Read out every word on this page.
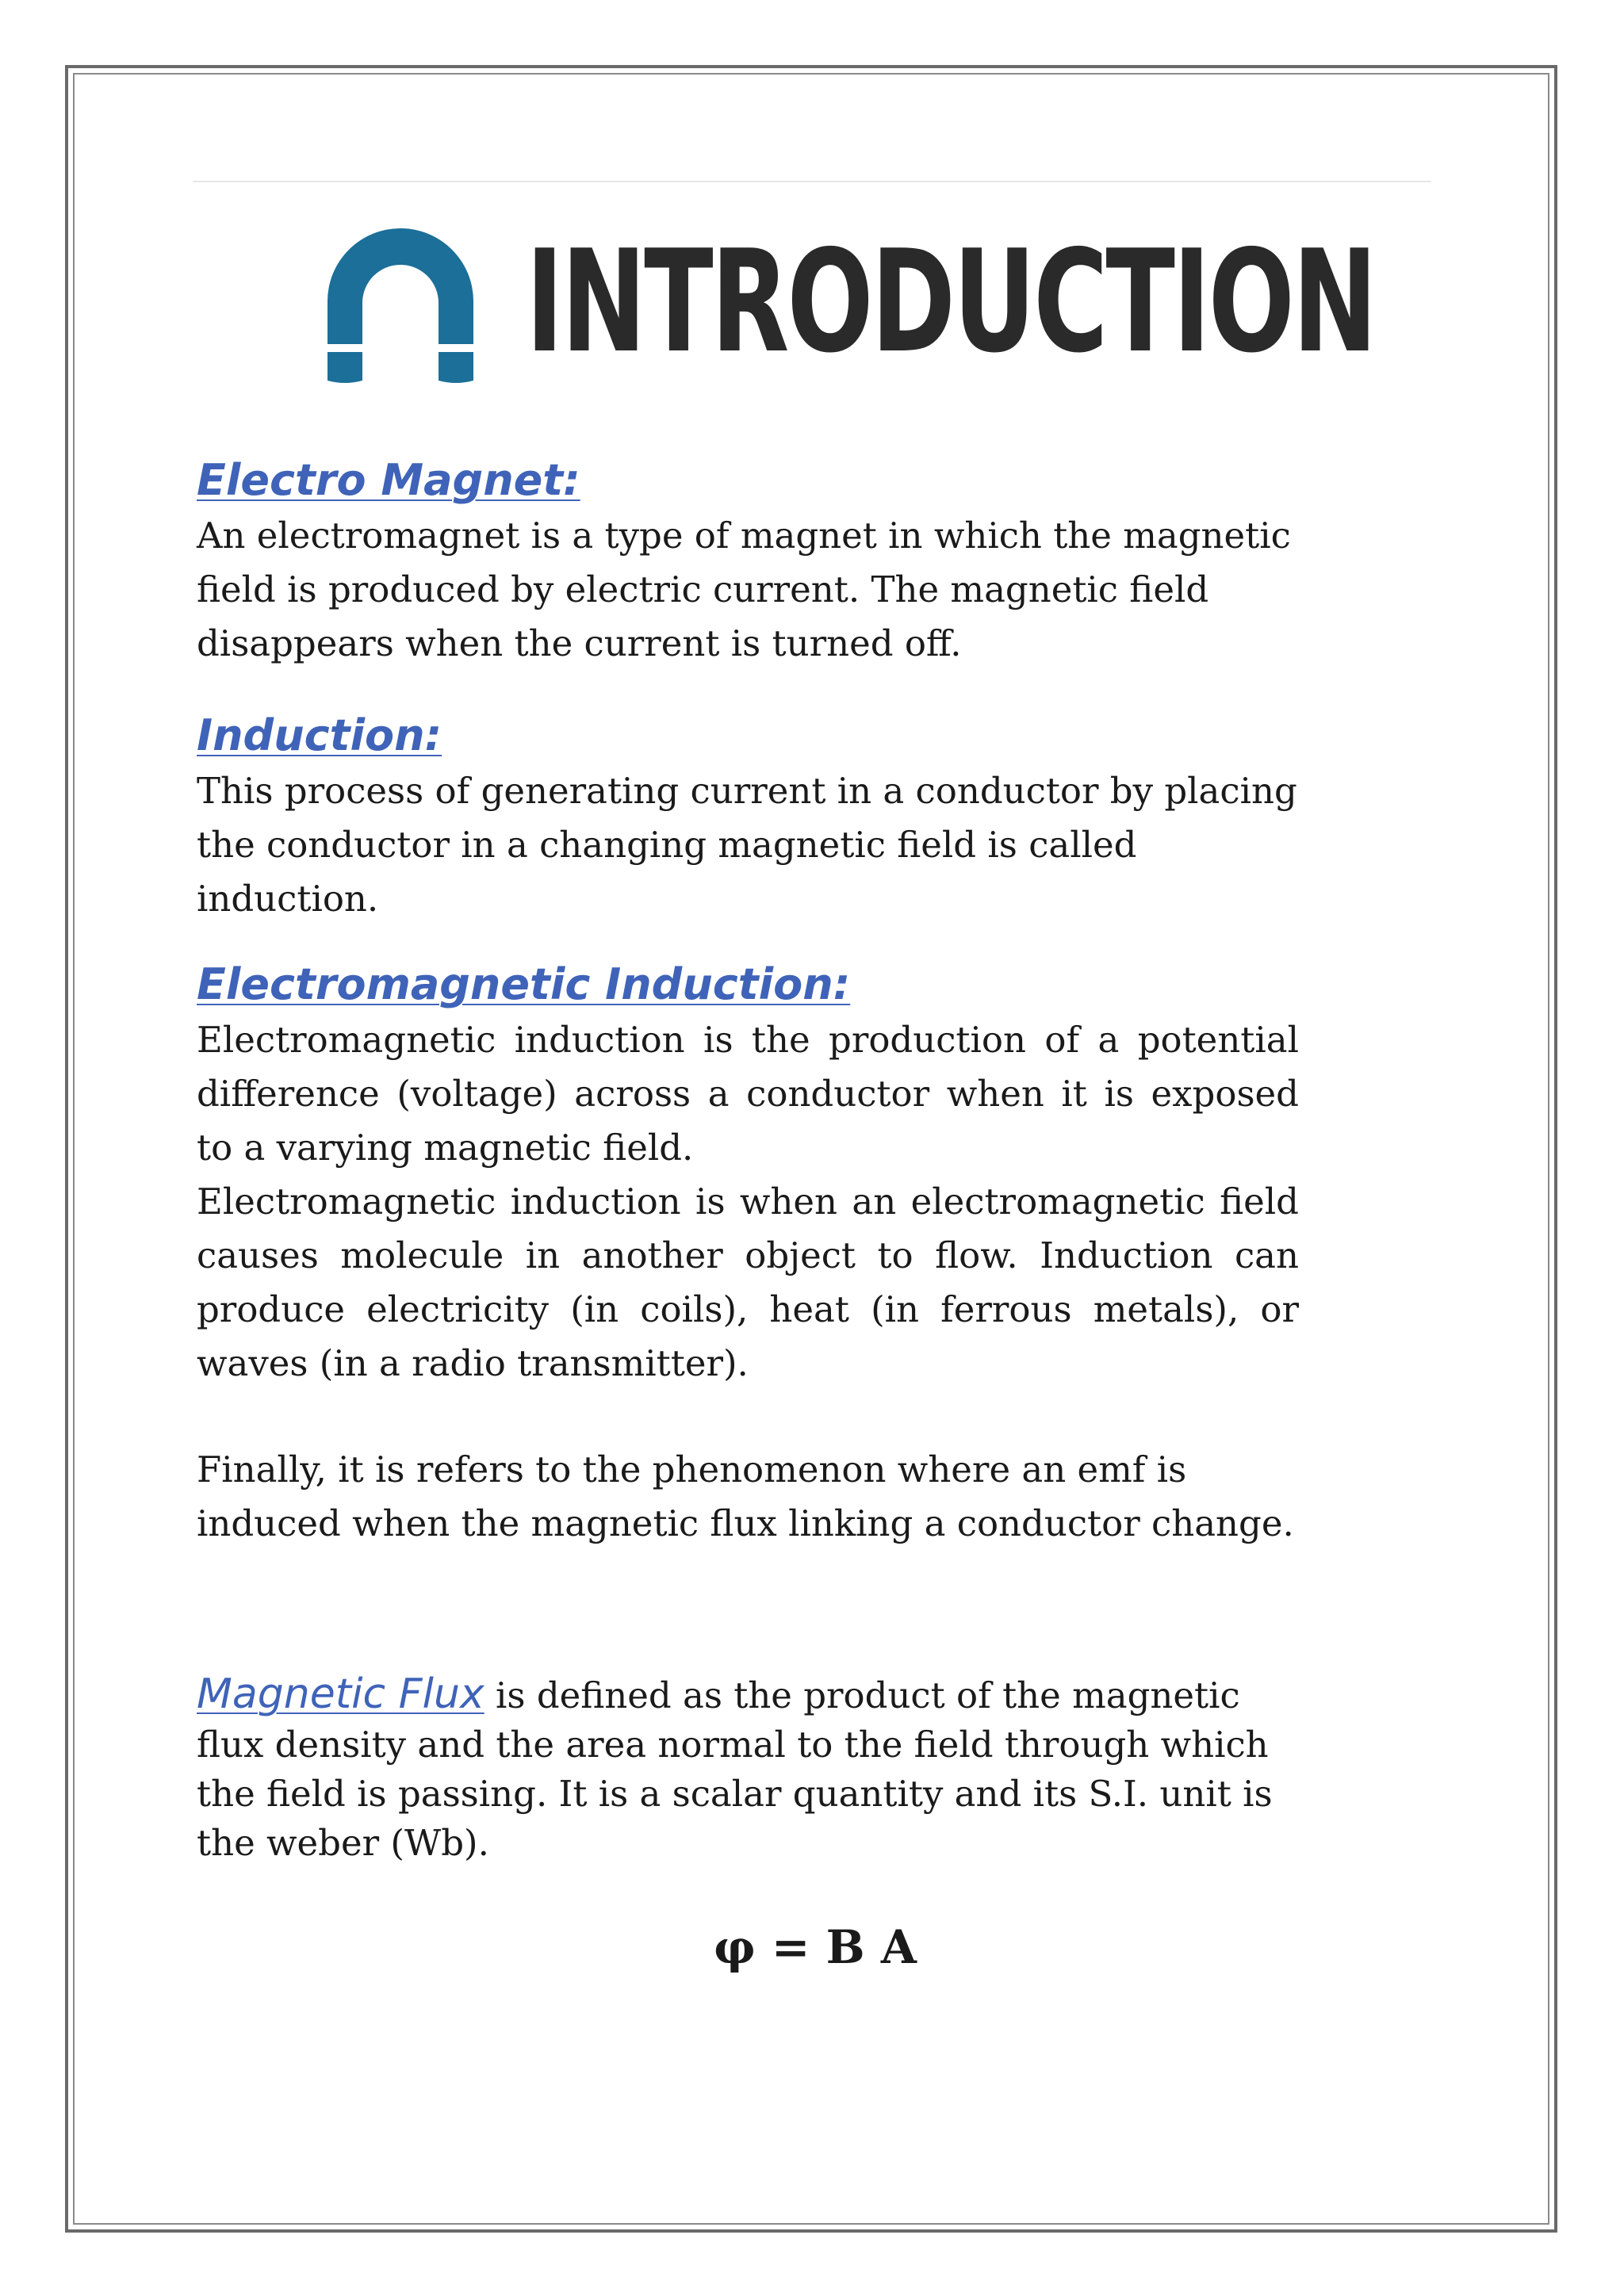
INTRODUCTION
Electro Magnet:

An electromagnet is a type of magnet in which the magnetic field is produced by electric current. The magnetic field disappears when the current is turned off.

Induction:

This process of generating current in a conductor by placing the conductor in a changing magnetic field is called induction.

Electromagnetic Induction:

Electromagnetic induction is the production of a potential difference (voltage) across a conductor when it is exposed to a varying magnetic field.

Electromagnetic induction is when an electromagnetic field causes molecule in another object to flow. Induction can produce electricity (in coils), heat (in ferrous metals), or waves (in a radio transmitter).

Finally, it is refers to the phenomenon where an emf is induced when the magnetic flux linking a conductor change.

Magnetic Flux is defined as the product of the magnetic flux density and the area normal to the field through which the field is passing. It is a scalar quantity and its S.I. unit is the weber (Wb).
φ = B A
